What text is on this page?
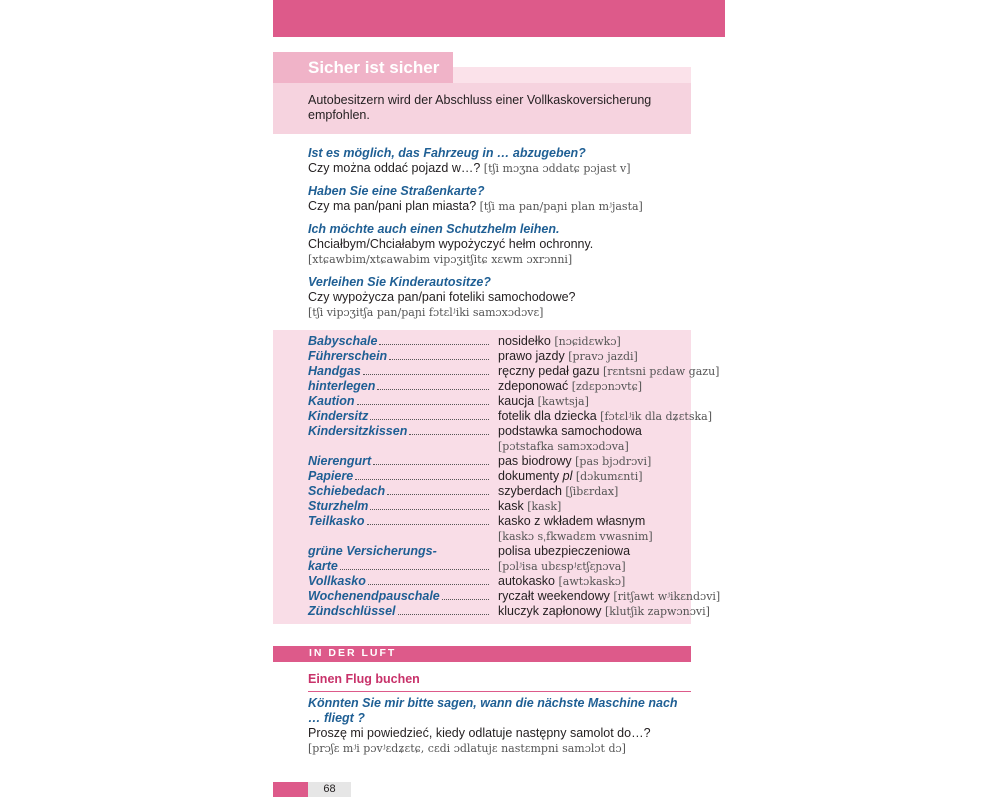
Sicher ist sicher
Autobesitzern wird der Abschluss einer Vollkaskoversicherung empfohlen.
Ist es möglich, das Fahrzeug in … abzugeben?
Czy można oddać pojazd w…? [tʃi mɔʒna ɔddatɕ pɔjast v]
Haben Sie eine Straßenkarte?
Czy ma pan/pani plan miasta? [tʃi ma pan/paɲi plan mʲjasta]
Ich möchte auch einen Schutzhelm leihen.
Chciałbym/Chciałabym wypożyczyć hełm ochronny.
[xtɕawbim/xtɕawabim vipɔʒitʃitɕ xɛwm ɔxrɔnni]
Verleihen Sie Kinderautositze?
Czy wypożycza pan/pani foteliki samochodowe?
[tʃi vipɔʒitʃa pan/paɲi fɔtɛlʲiki samɔxɔdɔvɛ]
Babyschale	nosidełko [nɔɕidɛwkɔ]
Führerschein	prawo jazdy [pravɔ jazdi]
Handgas	ręczny pedał gazu [rɛntsni pɛdaw gazu]
hinterlegen	zdeponować [zdɛpɔnɔvtɕ]
Kaution	kaucja [kawtsja]
Kindersitz	fotelik dla dziecka [fɔtɛlʲik dla dʑɛtska]
Kindersitzkissen	podstawka samochodowa
[pɔtstafka samɔxɔdɔva]
Nierengurt	pas biodrowy [pas bjɔdrɔvi]
Papiere	dokumenty pl [dɔkumɛnti]
Schiebedach	szyberdach [ʃibɛrdax]
Sturzhelm	kask [kask]
Teilkasko	kasko z wkładem własnym
[kaskɔ sˌfkwadɛm vwasnim]
grüne Versicherungs-	polisa ubezpieczeniowa
karte	[pɔlʲisa ubɛspʲɛtʃɛɲɔva]
Vollkasko	autokasko [awtɔkaskɔ]
Wochenendpauschale	ryczałt weekendowy [ritʃawt wʲikɛndɔvi]
Zündschlüssel	kluczyk zapłonowy [klutʃik zapwɔnɔvi]
IN DER LUFT
Einen Flug buchen
Könnten Sie mir bitte sagen, wann die nächste Maschine nach … fliegt ?
Proszę mi powiedzieć, kiedy odlatuje następny samolot do…?
[prɔʃɛ mʲi pɔvʲɛdʑɛtɕ, cɛdi ɔdlatujɛ nastɛmpni samɔlɔt dɔ]
68
